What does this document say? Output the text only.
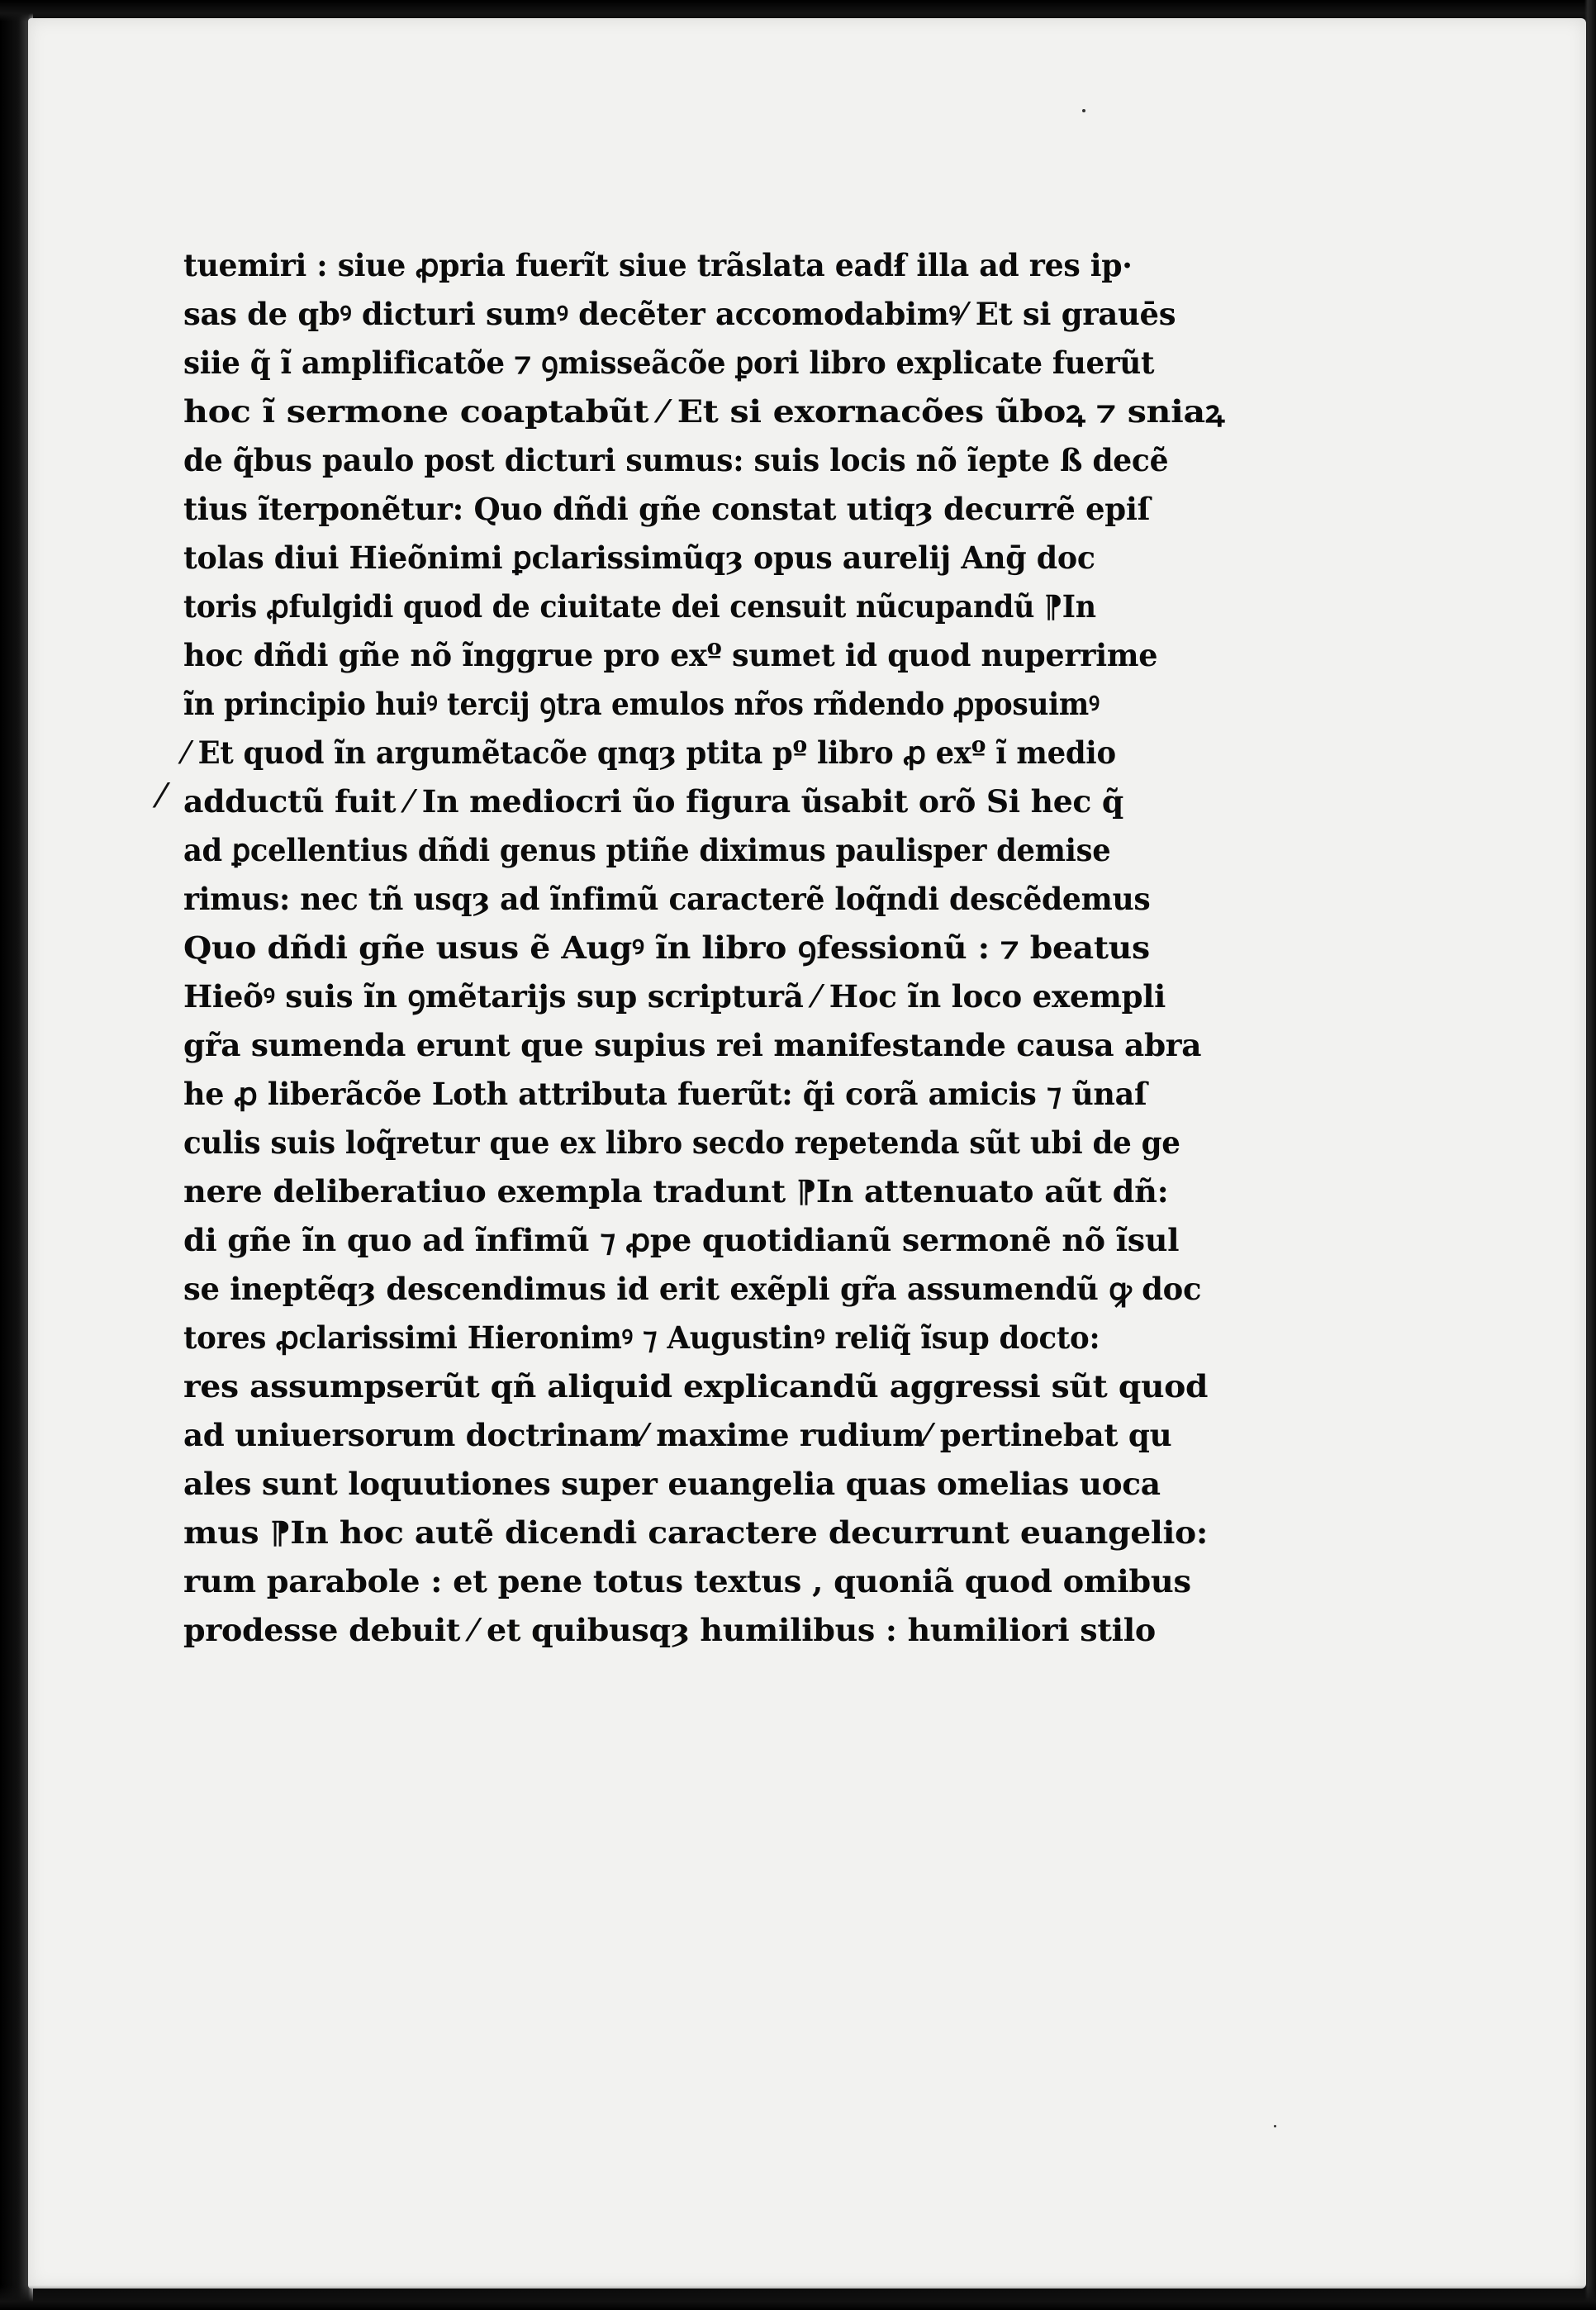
⁄
tuemiri : siue ꝓpria fuerĩt siue trãslata eadẜ illa ad res ip·
sas de qbꝰ dicturi sumꝰ decẽter accomodabimꝰ⁄ Et si grauēs
siie q̃ ĩ amplificatõe ⁊ ꝯmisseãcõe ꝑori libro explicate fuerũt
hoc ĩ sermone coaptabũt ⁄ Et si exornacões ũboꝝ ⁊ sniaꝝ
de q̃bus paulo post dicturi sumus: suis locis nõ ĩepte ß decẽ
tius ĩterponẽtur: Quo dñdi gñe constat utiqȝ decurrẽ epiſ
tolas diui Hieõnimi ꝑclarissimũqȝ opus aurelij Anḡ doc
toris ꝓfulgidi quod de ciuitate dei censuit nũcupandũ ⁋In
hoc dñdi gñe nõ ĩnggrue pro exº sumet id quod nuperrime
ĩn principio huiꝰ tercij ꝯtra emulos nr̃os rñdendo ꝓposuimꝰ
⁄ Et quod ĩn argumẽtacõe qnqȝ ptita pº libro ꝓ exº ĩ medio
adductũ fuit ⁄ In mediocri ũo figura ũsabit orõ Si hec q̃
ad ꝑcellentius dñdi genus ptiñe diximus paulisper demise
rimus: nec tñ usqȝ ad ĩnfimũ caracterẽ loq̃ndi descẽdemus
Quo dñdi gñe usus ẽ Augꝰ ĩn libro ꝯfessionũ : ⁊ beatus
Hieõꝰ suis ĩn ꝯmẽtarijs sup scripturã ⁄ Hoc ĩn loco exempli
gr̃a sumenda erunt que supius rei manifestande causa abra
he ꝓ liberãcõe Loth attributa fuerũt: q̃i corã amicis ⁊ ũnaſ
culis suis loq̃retur que ex libro secdo repetenda sũt ubi de ge
nere deliberatiuo exempla tradunt ⁋In attenuato aũt dñ:
di gñe ĩn quo ad ĩnfimũ ⁊ ꝓpe quotidianũ sermonẽ nõ ĩsul
se ineptẽqȝ descendimus id erit exẽpli gr̃a assumendũ ꝙ doc
tores ꝓclarissimi Hieronimꝰ ⁊ Augustinꝰ reliq̃ ĩsup docto:
res assumpserũt qñ aliquid explicandũ aggressi sũt quod
ad uniuersorum doctrinam⁄ maxime rudium⁄ pertinebat qu
ales sunt loquutiones super euangelia quas omelias uoca
mus ⁋In hoc autẽ dicendi caractere decurrunt euangelio:
rum parabole : et pene totus textus , quoniã quod omibus
prodesse debuit ⁄ et quibusqȝ humilibus : humiliori stilo
